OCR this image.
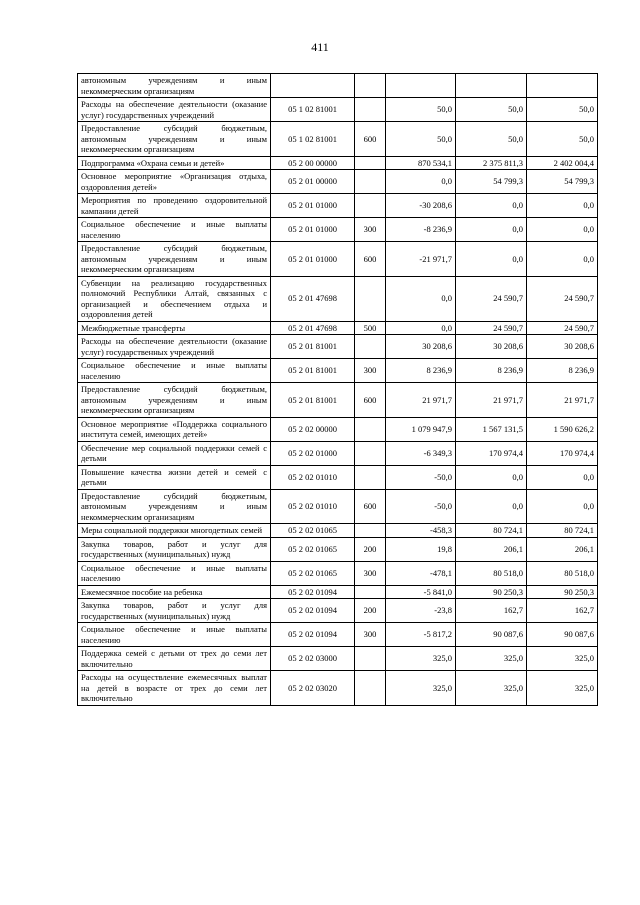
411
автономным учреждениям и иным некоммерческим организациям					
Расходы на обеспечение деятельности (оказание услуг) государственных учреждений	05 1 02 81001		50,0	50,0	50,0
Предоставление субсидий бюджетным, автономным учреждениям и иным некоммерческим организациям	05 1 02 81001	600	50,0	50,0	50,0
Подпрограмма «Охрана семьи и детей»	05 2 00 00000		870 534,1	2 375 811,3	2 402 004,4
Основное мероприятие «Организация отдыха, оздоровления детей»	05 2 01 00000		0,0	54 799,3	54 799,3
Мероприятия по проведению оздоровительной кампании детей	05 2 01 01000		-30 208,6	0,0	0,0
Социальное обеспечение и иные выплаты населению	05 2 01 01000	300	-8 236,9	0,0	0,0
Предоставление субсидий бюджетным, автономным учреждениям и иным некоммерческим организациям	05 2 01 01000	600	-21 971,7	0,0	0,0
Субвенции на реализацию государственных полномочий Республики Алтай, связанных с организацией и обеспечением отдыха и оздоровления детей	05 2 01 47698		0,0	24 590,7	24 590,7
Межбюджетные трансферты	05 2 01 47698	500	0,0	24 590,7	24 590,7
Расходы на обеспечение деятельности (оказание услуг) государственных учреждений	05 2 01 81001		30 208,6	30 208,6	30 208,6
Социальное обеспечение и иные выплаты населению	05 2 01 81001	300	8 236,9	8 236,9	8 236,9
Предоставление субсидий бюджетным, автономным учреждениям и иным некоммерческим организациям	05 2 01 81001	600	21 971,7	21 971,7	21 971,7
Основное мероприятие «Поддержка социального института семей, имеющих детей»	05 2 02 00000		1 079 947,9	1 567 131,5	1 590 626,2
Обеспечение мер социальной поддержки семей с детьми	05 2 02 01000		-6 349,3	170 974,4	170 974,4
Повышение качества жизни детей и семей с детьми	05 2 02 01010		-50,0	0,0	0,0
Предоставление субсидий бюджетным, автономным учреждениям и иным некоммерческим организациям	05 2 02 01010	600	-50,0	0,0	0,0
Меры социальной поддержки многодетных семей	05 2 02 01065		-458,3	80 724,1	80 724,1
Закупка товаров, работ и услуг для государственных (муниципальных) нужд	05 2 02 01065	200	19,8	206,1	206,1
Социальное обеспечение и иные выплаты населению	05 2 02 01065	300	-478,1	80 518,0	80 518,0
Ежемесячное пособие на ребенка	05 2 02 01094		-5 841,0	90 250,3	90 250,3
Закупка товаров, работ и услуг для государственных (муниципальных) нужд	05 2 02 01094	200	-23,8	162,7	162,7
Социальное обеспечение и иные выплаты населению	05 2 02 01094	300	-5 817,2	90 087,6	90 087,6
Поддержка семей с детьми от трех до семи лет включительно	05 2 02 03000		325,0	325,0	325,0
Расходы на осуществление ежемесячных выплат на детей в возрасте от трех до семи лет включительно	05 2 02 03020		325,0	325,0	325,0
